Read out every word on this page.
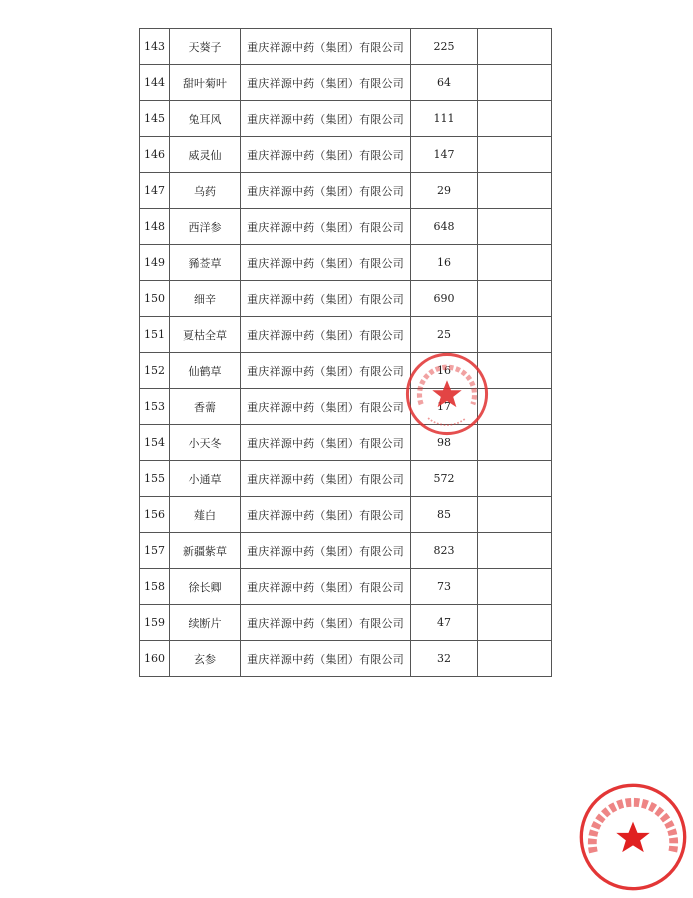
143	天葵子	重庆祥源中药（集团）有限公司	225	
144	甜叶菊叶	重庆祥源中药（集团）有限公司	64	
145	兔耳风	重庆祥源中药（集团）有限公司	111	
146	威灵仙	重庆祥源中药（集团）有限公司	147	
147	乌药	重庆祥源中药（集团）有限公司	29	
148	西洋参	重庆祥源中药（集团）有限公司	648	
149	豨莶草	重庆祥源中药（集团）有限公司	16	
150	细辛	重庆祥源中药（集团）有限公司	690	
151	夏枯全草	重庆祥源中药（集团）有限公司	25	
152	仙鹤草	重庆祥源中药（集团）有限公司	16	
153	香薷	重庆祥源中药（集团）有限公司	17	
154	小天冬	重庆祥源中药（集团）有限公司	98	
155	小通草	重庆祥源中药（集团）有限公司	572	
156	薤白	重庆祥源中药（集团）有限公司	85	
157	新疆紫草	重庆祥源中药（集团）有限公司	823	
158	徐长卿	重庆祥源中药（集团）有限公司	73	
159	续断片	重庆祥源中药（集团）有限公司	47	
160	玄参	重庆祥源中药（集团）有限公司	32	
